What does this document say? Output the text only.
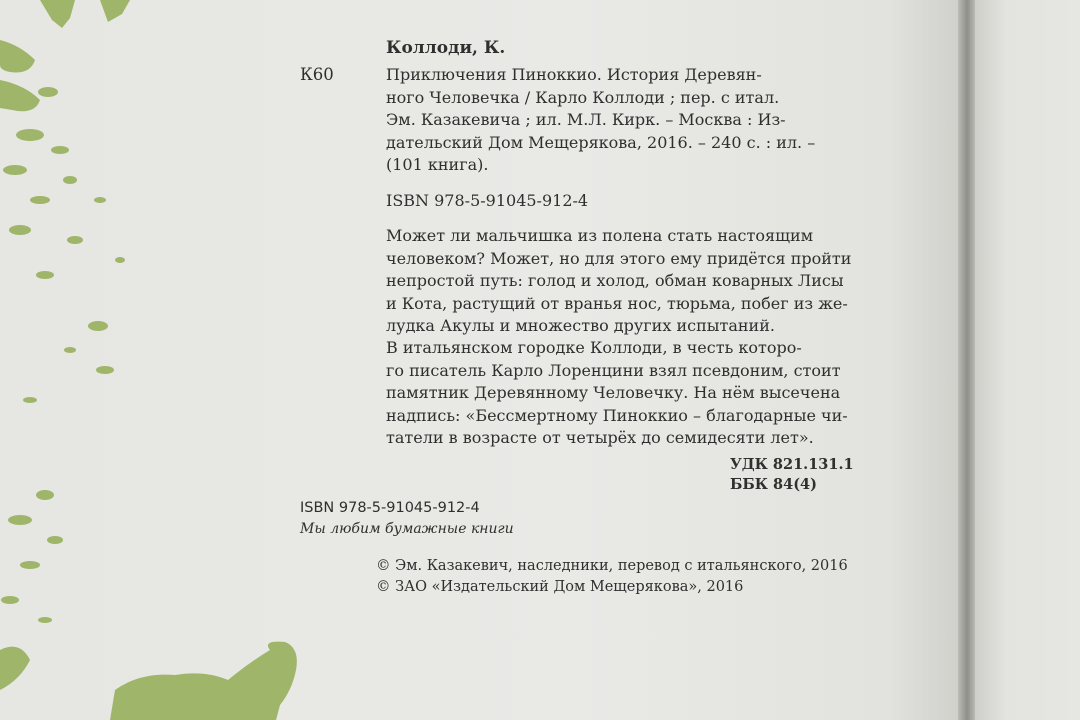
Коллоди, К.
К60	Приключения Пиноккио. История Деревян-
ного Человечка / Карло Коллоди ; пер. с итал.
Эм. Казакевича ; ил. М.Л. Кирк. – Москва : Из-
дательский Дом Мещерякова, 2016. – 240 с. : ил. –
(101 книга).
ISBN 978-5-91045-912-4
Может ли мальчишка из полена стать настоящим
человеком? Может, но для этого ему придётся пройти
непростой путь: голод и холод, обман коварных Лисы
и Кота, растущий от вранья нос, тюрьма, побег из же-
лудка Акулы и множество других испытаний.
В итальянском городке Коллоди, в честь которо-
го писатель Карло Лоренцини взял псевдоним, стоит
памятник Деревянному Человечку. На нём высечена
надпись: «Бессмертному Пиноккио – благодарные чи-
татели в возрасте от четырёх до семидесяти лет».
УДК 821.131.1
ББК 84(4)
ISBN 978-5-91045-912-4
Мы любим бумажные книги
© Эм. Казакевич, наследники, перевод с итальянского, 2016
© ЗАО «Издательский Дом Мещерякова», 2016
